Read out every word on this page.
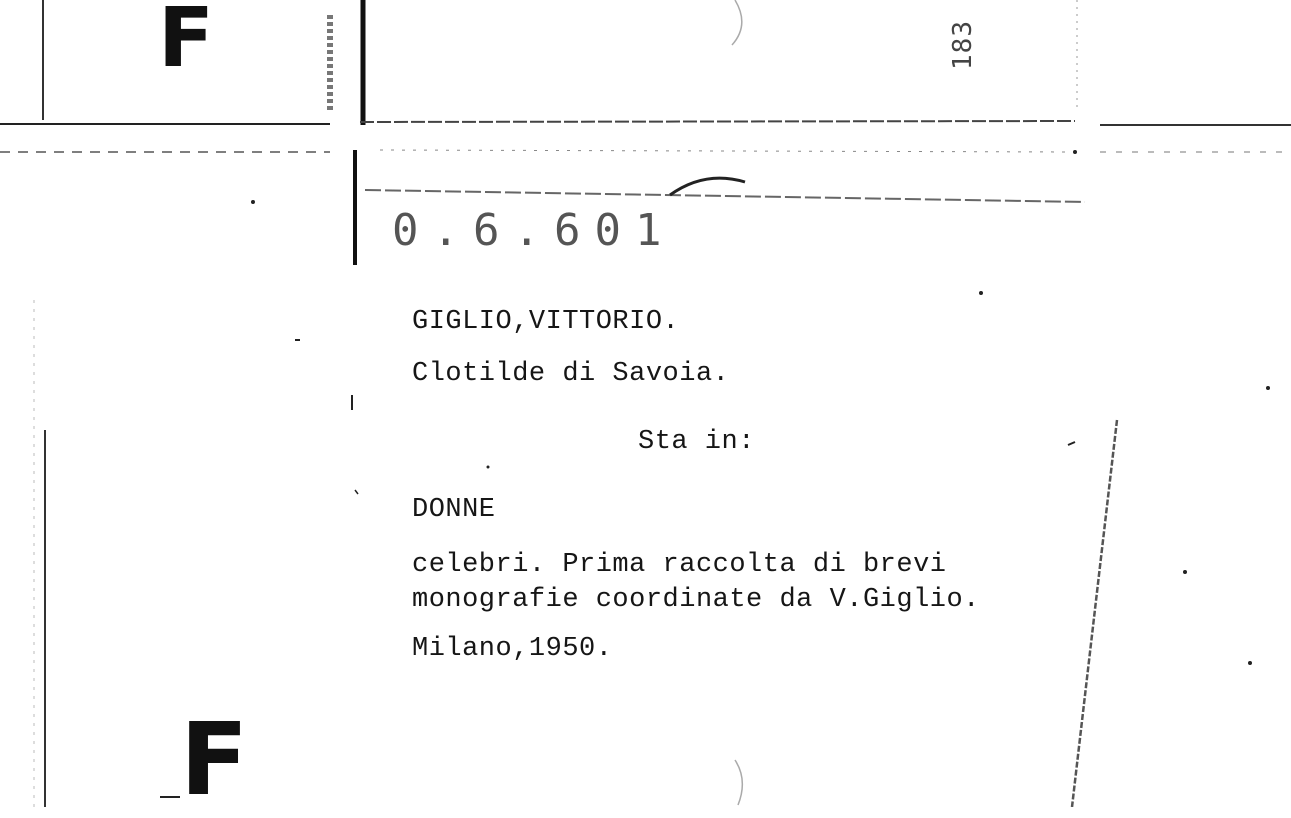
F
F
183
0.6.601
GIGLIO,VITTORIO.
Clotilde di Savoia.
Sta in:
DONNE
celebri. Prima raccolta di brevi
monografie coordinate da V.Giglio.
Milano,1950.
